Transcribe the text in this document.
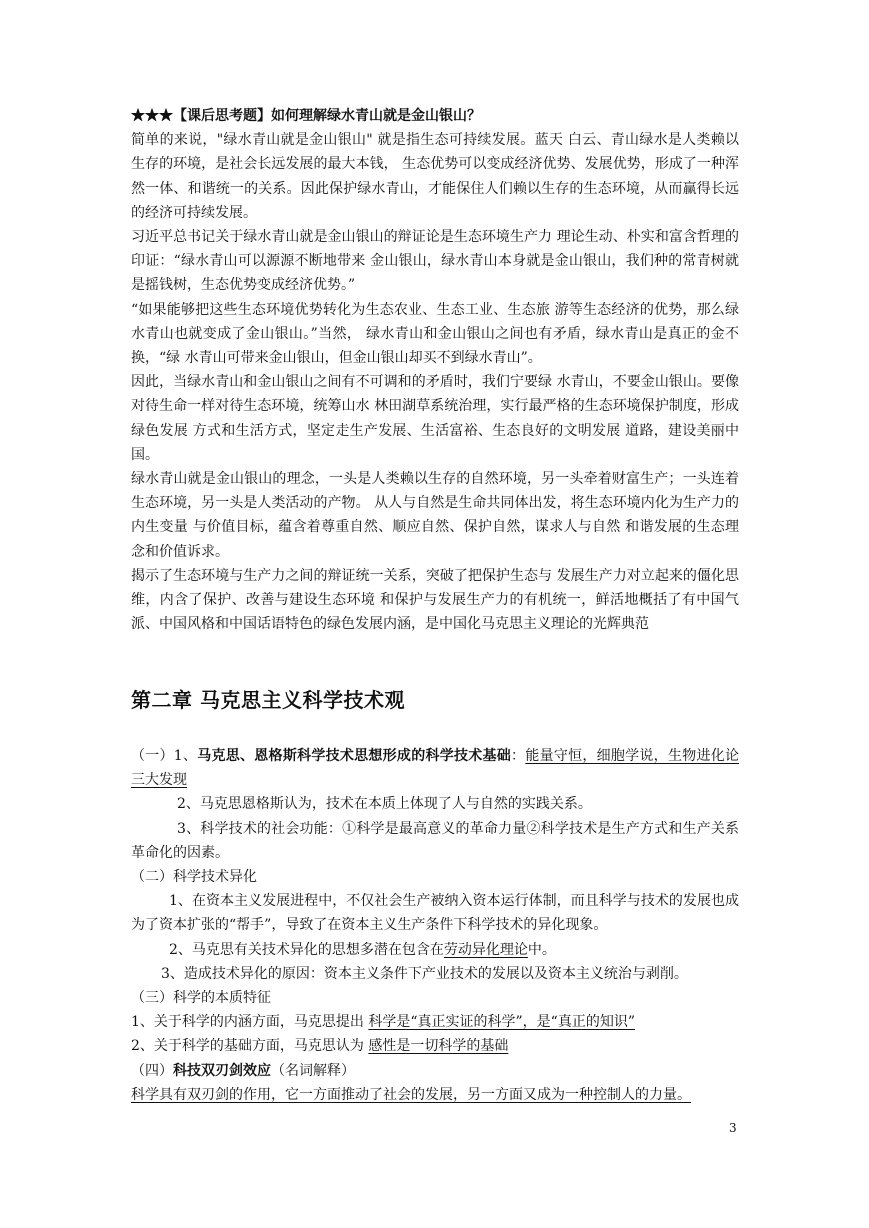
★★★【课后思考题】如何理解绿水青山就是金山银山？

简单的来说，"绿水青山就是金山银山" 就是指生态可持续发展。蓝天 白云、青山绿水是人类赖以生存的环境，是社会长远发展的最大本钱， 生态优势可以变成经济优势、发展优势，形成了一种浑然一体、和谐统一的关系。因此保护绿水青山，才能保住人们赖以生存的生态环境，从而赢得长远的经济可持续发展。

习近平总书记关于绿水青山就是金山银山的辩证论是生态环境生产力 理论生动、朴实和富含哲理的印证：“绿水青山可以源源不断地带来 金山银山，绿水青山本身就是金山银山，我们种的常青树就是摇钱树，生态优势变成经济优势。”

“如果能够把这些生态环境优势转化为生态农业、生态工业、生态旅 游等生态经济的优势，那么绿水青山也就变成了金山银山。”当然， 绿水青山和金山银山之间也有矛盾，绿水青山是真正的金不换，“绿 水青山可带来金山银山，但金山银山却买不到绿水青山”。

因此，当绿水青山和金山银山之间有不可调和的矛盾时，我们宁要绿 水青山，不要金山银山。要像对待生命一样对待生态环境，统筹山水 林田湖草系统治理，实行最严格的生态环境保护制度，形成绿色发展 方式和生活方式，坚定走生产发展、生活富裕、生态良好的文明发展 道路，建设美丽中国。

绿水青山就是金山银山的理念，一头是人类赖以生存的自然环境，另一头牵着财富生产；一头连着生态环境，另一头是人类活动的产物。 从人与自然是生命共同体出发，将生态环境内化为生产力的内生变量 与价值目标，蕴含着尊重自然、顺应自然、保护自然，谋求人与自然 和谐发展的生态理念和价值诉求。

揭示了生态环境与生产力之间的辩证统一关系，突破了把保护生态与 发展生产力对立起来的僵化思维，内含了保护、改善与建设生态环境 和保护与发展生产力的有机统一，鲜活地概括了有中国气派、中国风格和中国话语特色的绿色发展内涵，是中国化马克思主义理论的光辉典范

第二章 马克思主义科学技术观

（一）1、马克思、恩格斯科学技术思想形成的科学技术基础：能量守恒，细胞学说，生物进化论 三大发现

2、马克思恩格斯认为，技术在本质上体现了人与自然的实践关系。

3、科学技术的社会功能：①科学是最高意义的革命力量②科学技术是生产方式和生产关系革命化的因素。

（二）科学技术异化

1、在资本主义发展进程中，不仅社会生产被纳入资本运行体制，而且科学与技术的发展也成为了资本扩张的“帮手”，导致了在资本主义生产条件下科学技术的异化现象。

2、马克思有关技术异化的思想多潜在包含在劳动异化理论中。

3、造成技术异化的原因：资本主义条件下产业技术的发展以及资本主义统治与剥削。

（三）科学的本质特征

1、关于科学的内涵方面，马克思提出 科学是“真正实证的科学”，是“真正的知识”

2、关于科学的基础方面，马克思认为 感性是一切科学的基础

（四）科技双刃剑效应（名词解释）

科学具有双刃剑的作用，它一方面推动了社会的发展，另一方面又成为一种控制人的力量。

3
